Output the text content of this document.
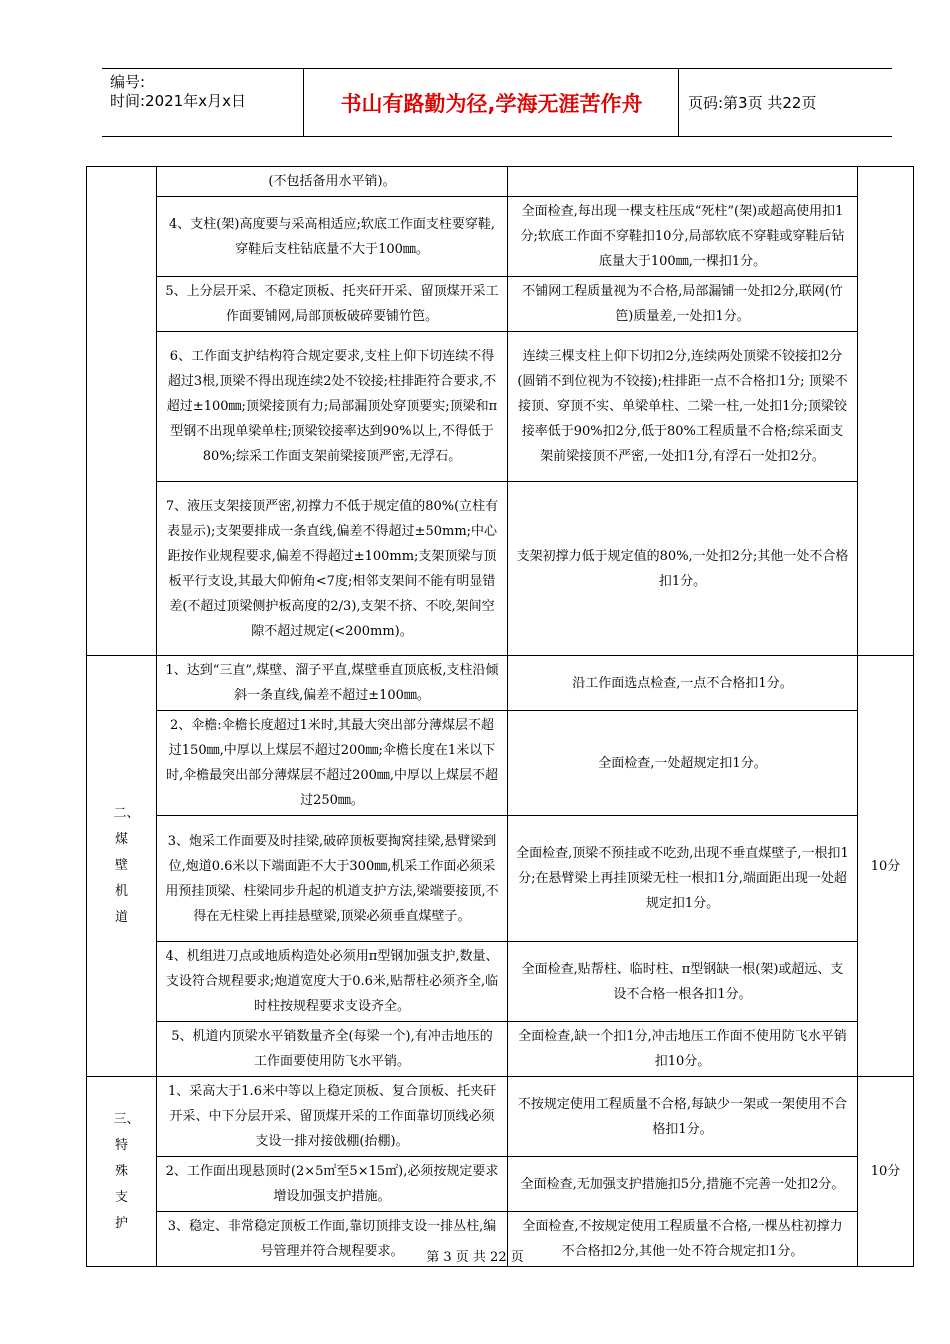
编号:
时间:2021年x月x日	书山有路勤为径,学海无涯苦作舟	页码:第3页 共22页
	(不包括备用水平销)。		
	4、支柱(架)高度要与采高相适应;软底工作面支柱要穿鞋,穿鞋后支柱钻底量不大于100㎜。	全面检查,每出现一棵支柱压成“死柱”(架)或超高使用扣1分;软底工作面不穿鞋扣10分,局部软底不穿鞋或穿鞋后钻底量大于100㎜,一棵扣1分。	
	5、上分层开采、不稳定顶板、托夹矸开采、留顶煤开采工作面要铺网,局部顶板破碎要铺竹笆。	不铺网工程质量视为不合格,局部漏铺一处扣2分,联网(竹笆)质量差,一处扣1分。	
	6、工作面支护结构符合规定要求,支柱上仰下切连续不得超过3根,顶梁不得出现连续2处不铰接;柱排距符合要求,不超过±100㎜;顶梁接顶有力;局部漏顶处穿顶要实;顶梁和π型钢不出现单梁单柱;顶梁铰接率达到90%以上,不得低于80%;综采工作面支架前梁接顶严密,无浮石。	连续三棵支柱上仰下切扣2分,连续两处顶梁不铰接扣2分(圆销不到位视为不铰接);柱排距一点不合格扣1分; 顶梁不接顶、穿顶不实、单梁单柱、二梁一柱,一处扣1分;顶梁铰接率低于90%扣2分,低于80%工程质量不合格;综采面支架前梁接顶不严密,一处扣1分,有浮石一处扣2分。	
	7、液压支架接顶严密,初撑力不低于规定值的80%(立柱有表显示);支架要排成一条直线,偏差不得超过±50mm;中心距按作业规程要求,偏差不得超过±100mm;支架顶梁与顶板平行支设,其最大仰俯角<7度;相邻支架间不能有明显错差(不超过顶梁侧护板高度的2/3),支架不挤、不咬,架间空隙不超过规定(<200mm)。	支架初撑力低于规定值的80%,一处扣2分;其他一处不合格扣1分。	
二、煤壁机道	1、达到“三直”,煤壁、溜子平直,煤壁垂直顶底板,支柱沿倾斜一条直线,偏差不超过±100㎜。	沿工作面选点检查,一点不合格扣1分。	10分
	2、伞檐:伞檐长度超过1米时,其最大突出部分薄煤层不超过150㎜,中厚以上煤层不超过200㎜;伞檐长度在1米以下时,伞檐最突出部分薄煤层不超过200㎜,中厚以上煤层不超过250㎜。	全面检查,一处超规定扣1分。	
	3、炮采工作面要及时挂梁,破碎顶板要掏窝挂梁,悬臂梁到位,炮道0.6米以下端面距不大于300㎜,机采工作面必须采用预挂顶梁、柱梁同步升起的机道支护方法,梁端要接顶,不得在无柱梁上再挂悬壁梁,顶梁必须垂直煤壁子。	全面检查,顶梁不预挂或不吃劲,出现不垂直煤壁子,一根扣1分;在悬臂梁上再挂顶梁无柱一根扣1分,端面距出现一处超规定扣1分。	
	4、机组进刀点或地质构造处必须用π型钢加强支护,数量、支设符合规程要求;炮道宽度大于0.6米,贴帮柱必须齐全,临时柱按规程要求支设齐全。	全面检查,贴帮柱、临时柱、π型钢缺一根(架)或超远、支设不合格一根各扣1分。	
	5、机道内顶梁水平销数量齐全(每梁一个),有冲击地压的工作面要使用防飞水平销。	全面检查,缺一个扣1分,冲击地压工作面不使用防飞水平销扣10分。	
三、特殊支护	1、采高大于1.6米中等以上稳定顶板、复合顶板、托夹矸开采、中下分层开采、留顶煤开采的工作面靠切顶线必须支设一排对接戗棚(抬棚)。	不按规定使用工程质量不合格,每缺少一架或一架使用不合格扣1分。	10分
	2、工作面出现悬顶时(2×5㎡至5×15㎡),必须按规定要求增设加强支护措施。	全面检查,无加强支护措施扣5分,措施不完善一处扣2分。	
	3、稳定、非常稳定顶板工作面,靠切顶排支设一排丛柱,编号管理并符合规程要求。	全面检查,不按规定使用工程质量不合格,一棵丛柱初撑力不合格扣2分,其他一处不符合规定扣1分。	
第 3 页 共 22 页
